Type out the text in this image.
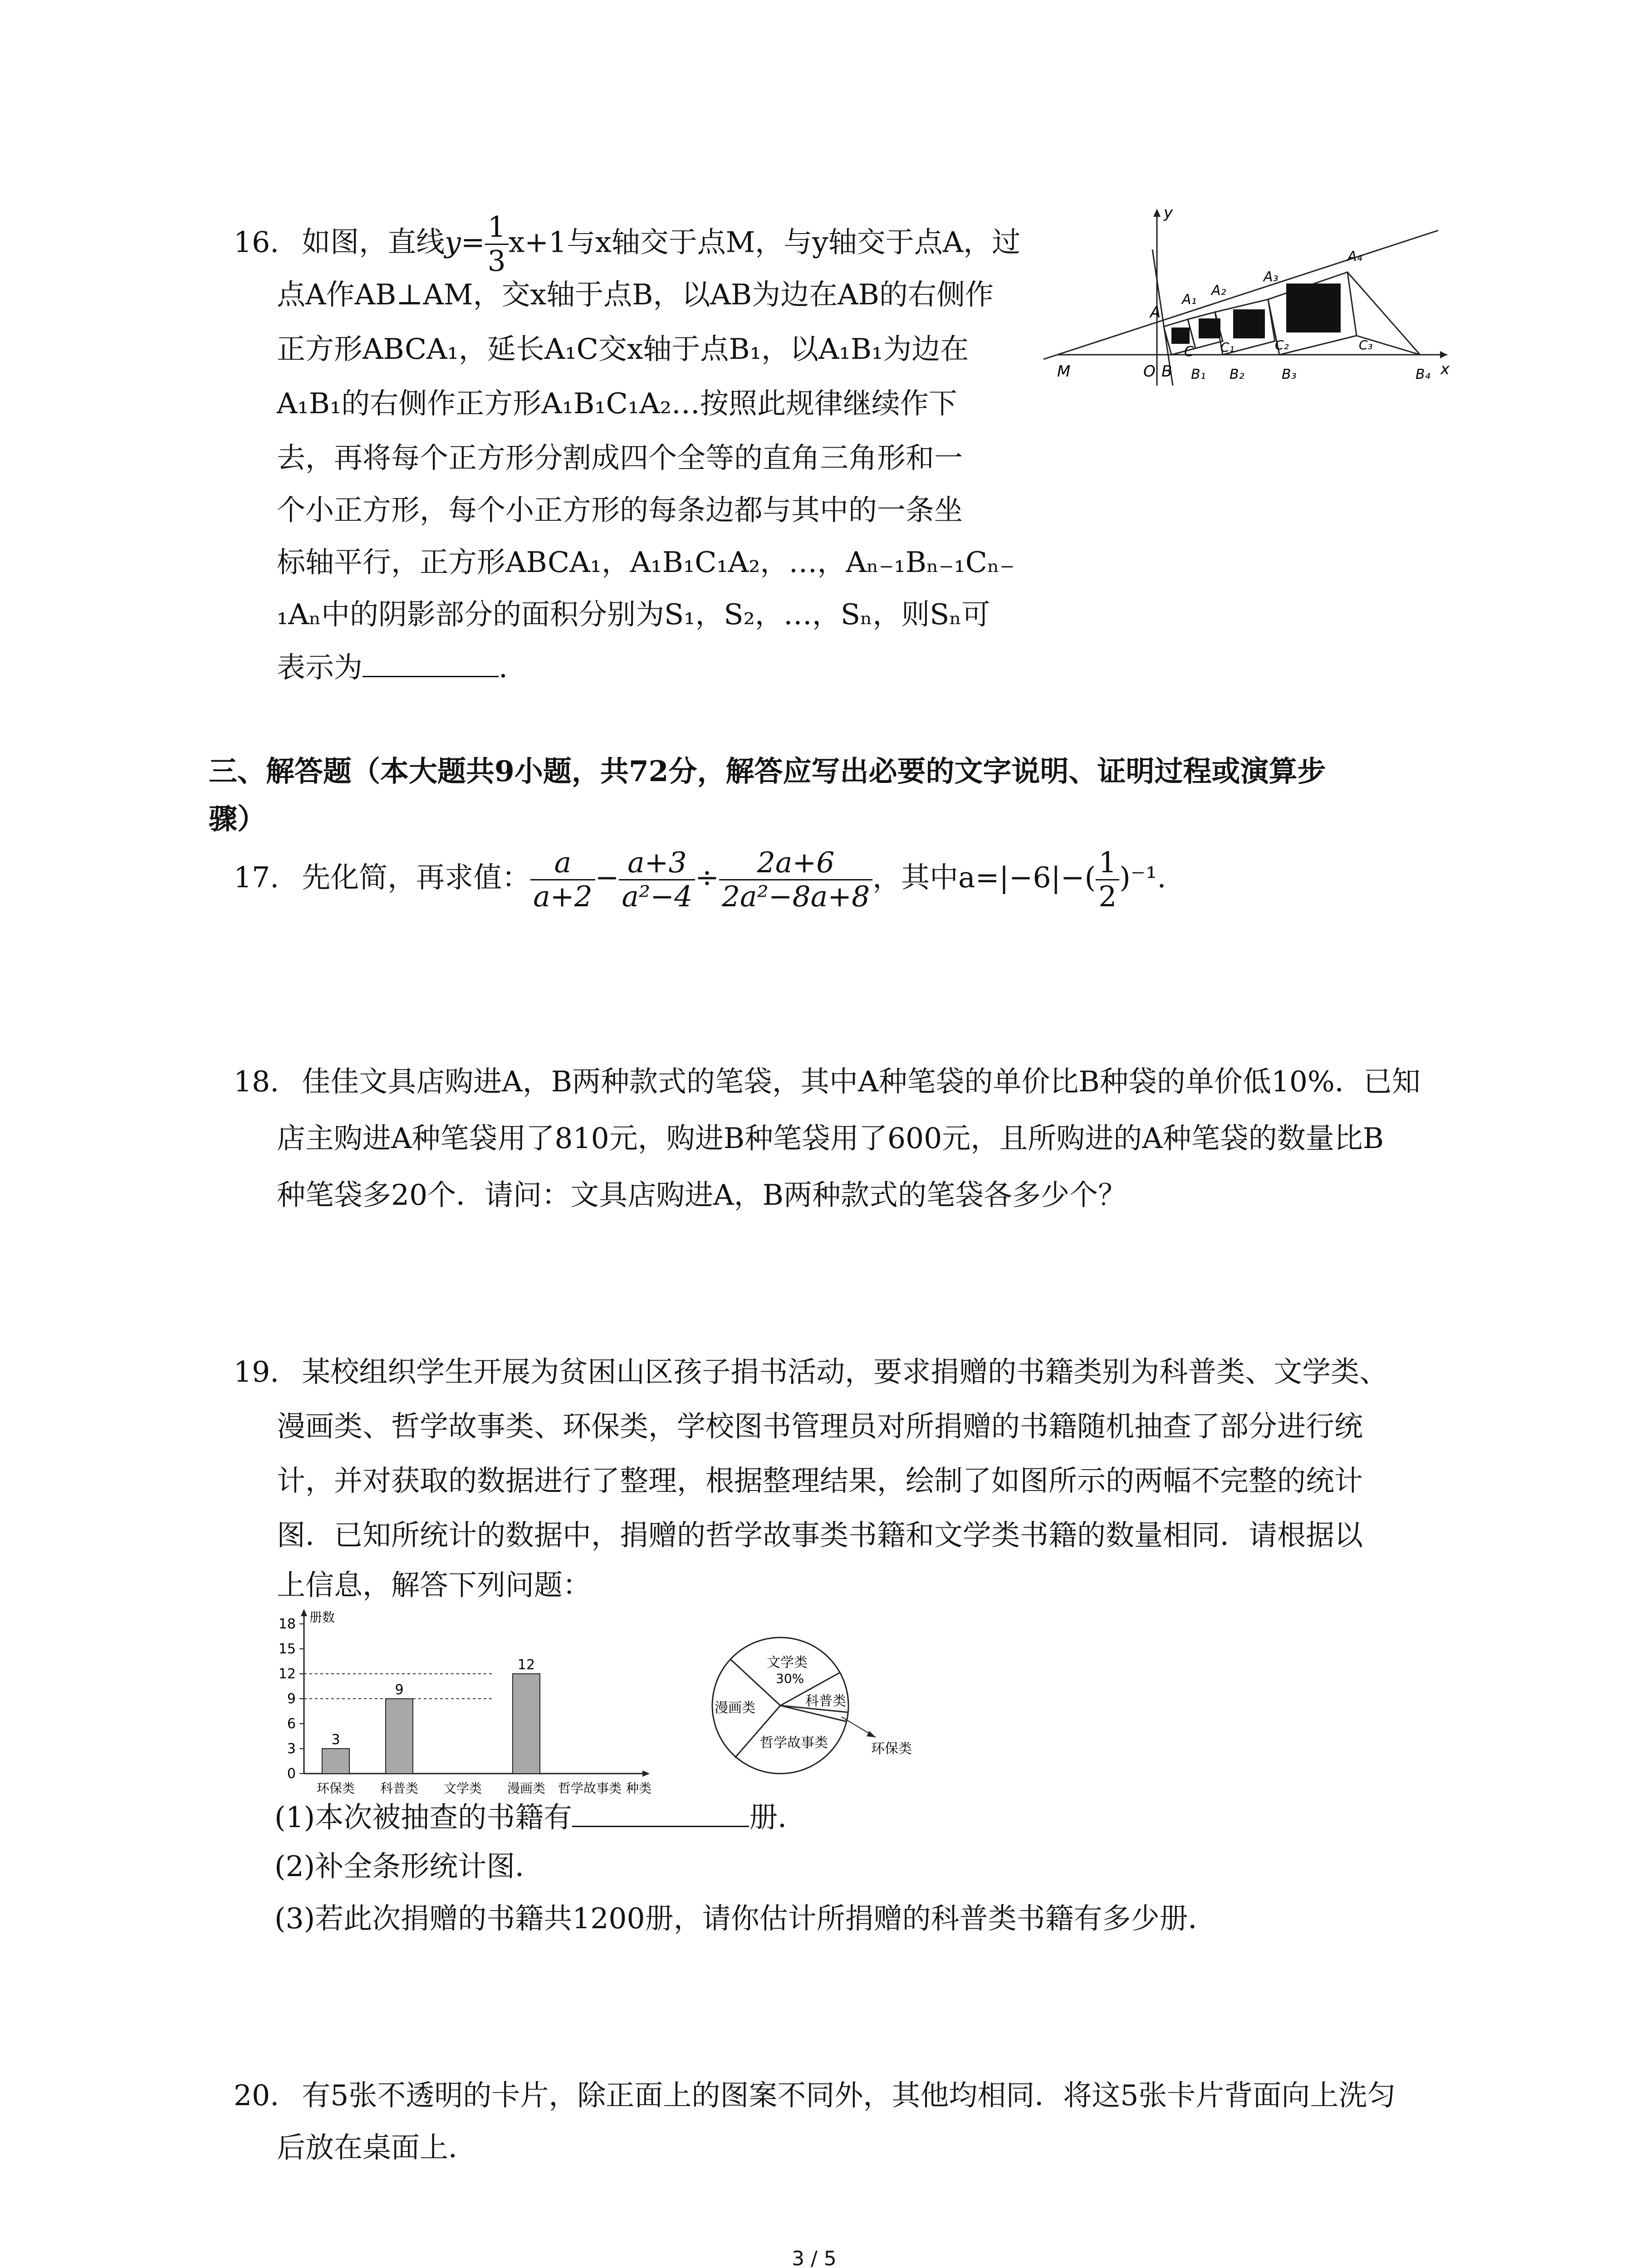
16. 如图，直线$y= \frac{1}{3} x+1$与x轴交于点M，与y轴交于点A，过
点A作AB⊥AM，交x轴于点B，以AB为边在AB的右侧作
正方形ABCA₁，延长A₁C交x轴于点B₁，以A₁B₁为边在
A₁B₁的右侧作正方形A₁B₁C₁A₂…按照此规律继续作下
去，再将每个正方形分割成四个全等的直角三角形和一
个小正方形，每个小正方形的每条边都与其中的一条坐
标轴平行，正方形ABCA₁，A₁B₁C₁A₂，…，Aₙ₋₁Bₙ₋₁Cₙ₋
₁Aₙ中的阴影部分的面积分别为S₁，S₂，…，Sₙ，则Sₙ可
表示为	.
y
x
M	O B
A
C
A₁
A₂
A₃
A₄
B₁ B₂	B₃	B₄
C₁	C₂	C₃
三、解答题（本大题共9小题，共72分，解答应写出必要的文字说明、证明过程或演算步
骤）
17. 先化简，再求值： $\frac{a}{a+2} - \frac{a+3}{\text{a²−4}} \div \frac{2a+6}{\text{2a²−8a+8}}$ ，其中$a=|-6|-( \frac{1}{2} )^{-1}$.
18. 佳佳文具店购进A，B两种款式的笔袋，其中A种笔袋的单价比B种袋的单价低10%．已知
店主购进A种笔袋用了810元，购进B种笔袋用了600元，且所购进的A种笔袋的数量比B
种笔袋多20个．请问：文具店购进A，B两种款式的笔袋各多少个？
19. 某校组织学生开展为贫困山区孩子捐书活动，要求捐赠的书籍类别为科普类、文学类、
漫画类、哲学故事类、环保类，学校图书管理员对所捐赠的书籍随机抽查了部分进行统
计，并对获取的数据进行了整理，根据整理结果，绘制了如图所示的两幅不完整的统计
图．已知所统计的数据中，捐赠的哲学故事类书籍和文学类书籍的数量相同．请根据以
上信息，解答下列问题：
册数
种类
0
3
6
9
12
15
18
环保类
3
科普类
9
文学类 漫画类
12
哲学故事类
文学类
30%
漫画类	科普类
哲学故事类	环保类
(1)本次被抽查的书籍有	册．
(2)补全条形统计图．
(3)若此次捐赠的书籍共1200册，请你估计所捐赠的科普类书籍有多少册．
20. 有5张不透明的卡片，除正面上的图案不同外，其他均相同．将这5张卡片背面向上洗匀
后放在桌面上．
3 / 5
